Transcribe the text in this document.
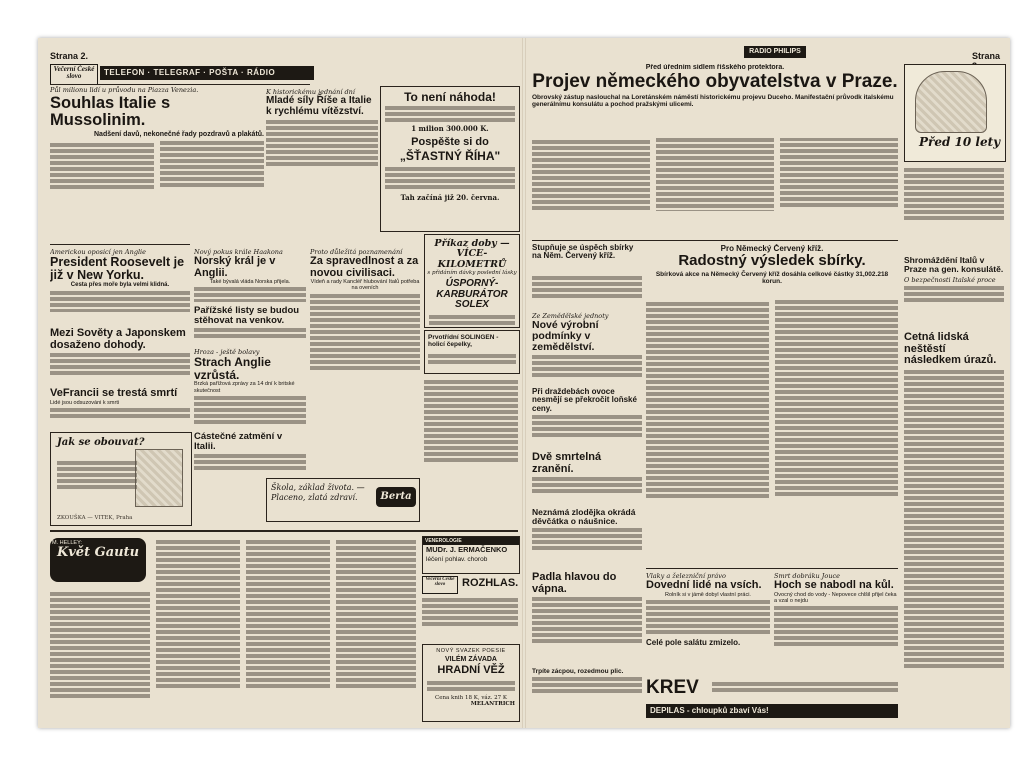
Strana 2.
Večerní České slovo	TELEFON · TELEGRAF · POŠTA · RÁDIO
Půl milionu lidí u průvodu na Piazza Venezia.
Souhlas Italie s Mussolinim.
Nadšení davů, nekonečné řady pozdravů a plakátů.
Americkou oposicí jen Anglie
President Roosevelt je již v New Yorku.
Cesta přes moře byla velmi klidná.
Mezi Sověty a Japonskem dosaženo dohody.
VeFrancii se trestá smrtí
Lidé jsou odsuzováni k smrti
Jak se obouvat?
ZKOUŠKA — VITEK, Praha
K historickému jednání dní
Mladé síly Říše a Italie k rychlému vítězství.
Nový pokus krále Haakona
Norský král je v Anglii.
Také bývalá vláda Norska přijela.
Pařížské listy se budou stěhovat na venkov.
Hroza - ještě bolavy
Strach Anglie vzrůstá.
Brzká pařížová zprávy za 14 dní k britské skutečnost
Částečné zatmění v Italii.
Proto důležitá poznamenání
Za spravedlnost a za novou civilisaci.
Vídeň a rady Kancléř hlubování Italů potřeba na oveních
Škola, základ života. — Placeno, zlatá zdraví.	Berta
To není náhoda!
1 milion 300.000 K.
Pospěšte si do
„ŠŤASTNÝ ŘÍHA"
Tah začíná již 20. června.
Příkaz doby — VÍCE-KILOMETRŮ
s přidáním dávky poslední lásky
ÚSPORNÝ-KARBURÁTOR SOLEX
Prvotřídní SOLINGEN - holicí čepelky,
M. HELLEY:
Květ Gautu
VENEROLOGIE
MUDr. J. ERMAČENKO
léčení pohlav. chorob
Večerní České slovo	ROZHLAS.
NOVÝ SVAZEK POESIE
VILÉM ZÁVADA
HRADNÍ VĚŽ
Cena knih 18 K, váz. 27 K
MELANTRICH
Strana
RADIO PHILIPS
Před úředním sídlem říšského protektora.
Projev německého obyvatelstva v Praze.
Obrovský zástup naslouchal na Loretánském náměstí historickému projevu Duceho. Manifestační průvodk italskému generálnímu konsulátu a pochod pražskými ulicemi.
Stupňuje se úspěch sbírky na Něm. Červený kříž.
Ze Zemědělské jednoty
Nové výrobní podmínky v zemědělství.
Při draždebách ovoce nesmějí se překročit loňské ceny.
Dvě smrtelná zranění.
Neznámá zlodějka okrádá děvčátka o náušnice.
Padla hlavou do vápna.
Trpíte zácpou, rozedmou plic.
Pro Německý Červený kříž.
Radostný výsledek sbírky.
Sbírková akce na Německý Červený kříž dosáhla celkové částky 31,002.218 korun.
Vlaky a železniční právo
Dovední lidé na vsích.
Rolník si v jámě dobyl vlastní práci.
Celé pole salátu zmizelo.
Smrt dobráku Jouce
Hoch se nabodl na kůl.
Ovocný chod do vody - Nepovece chlšil přijel čeka a vzal o nejdu
KREV
DEPILAS - chloupků zbaví Vás!
Před 10 lety
Shromáždění Italů v Praze na gen. konsulátě.
O bezpečnosti Italské proce
Četná lidská neštěstí následkem úrazů.
